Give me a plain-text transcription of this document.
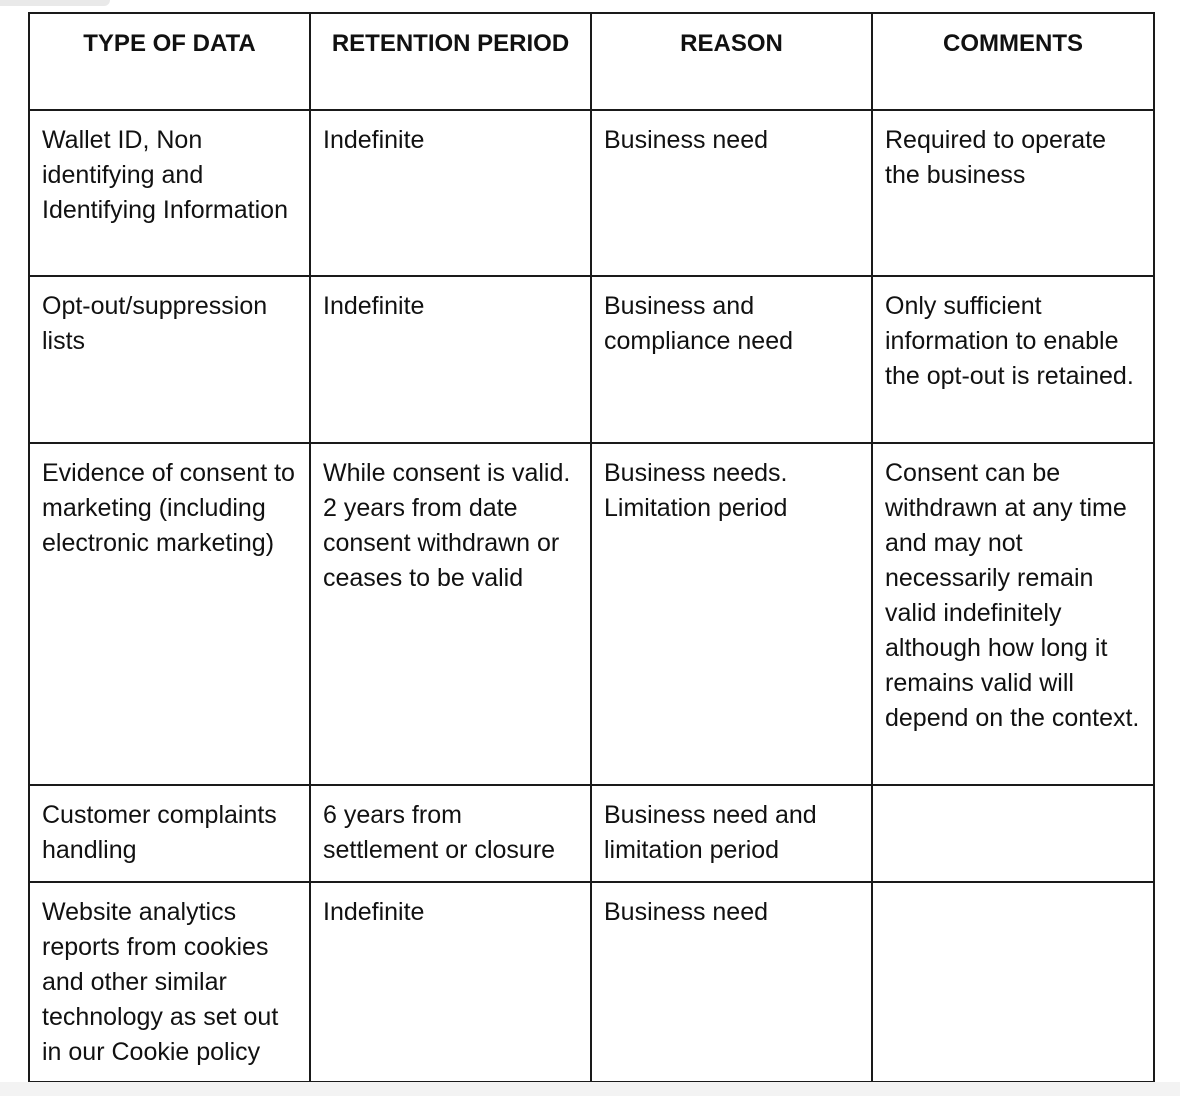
TYPE OF DATA	RETENTION PERIOD	REASON	COMMENTS
Wallet ID, Non identifying and Identifying Information	Indefinite	Business need	Required to operate the business
Opt-out/suppression lists	Indefinite	Business and compliance need	Only sufficient information to enable the opt-out is retained.
Evidence of consent to marketing (including electronic marketing)	While consent is valid. 2 years from date consent withdrawn or ceases to be valid	Business needs. Limitation period	Consent can be withdrawn at any time and may not necessarily remain valid indefinitely although how long it remains valid will depend on the context.
Customer complaints handling	6 years from settlement or closure	Business need and limitation period	
Website analytics reports from cookies and other similar technology as set out in our Cookie policy	Indefinite	Business need	
